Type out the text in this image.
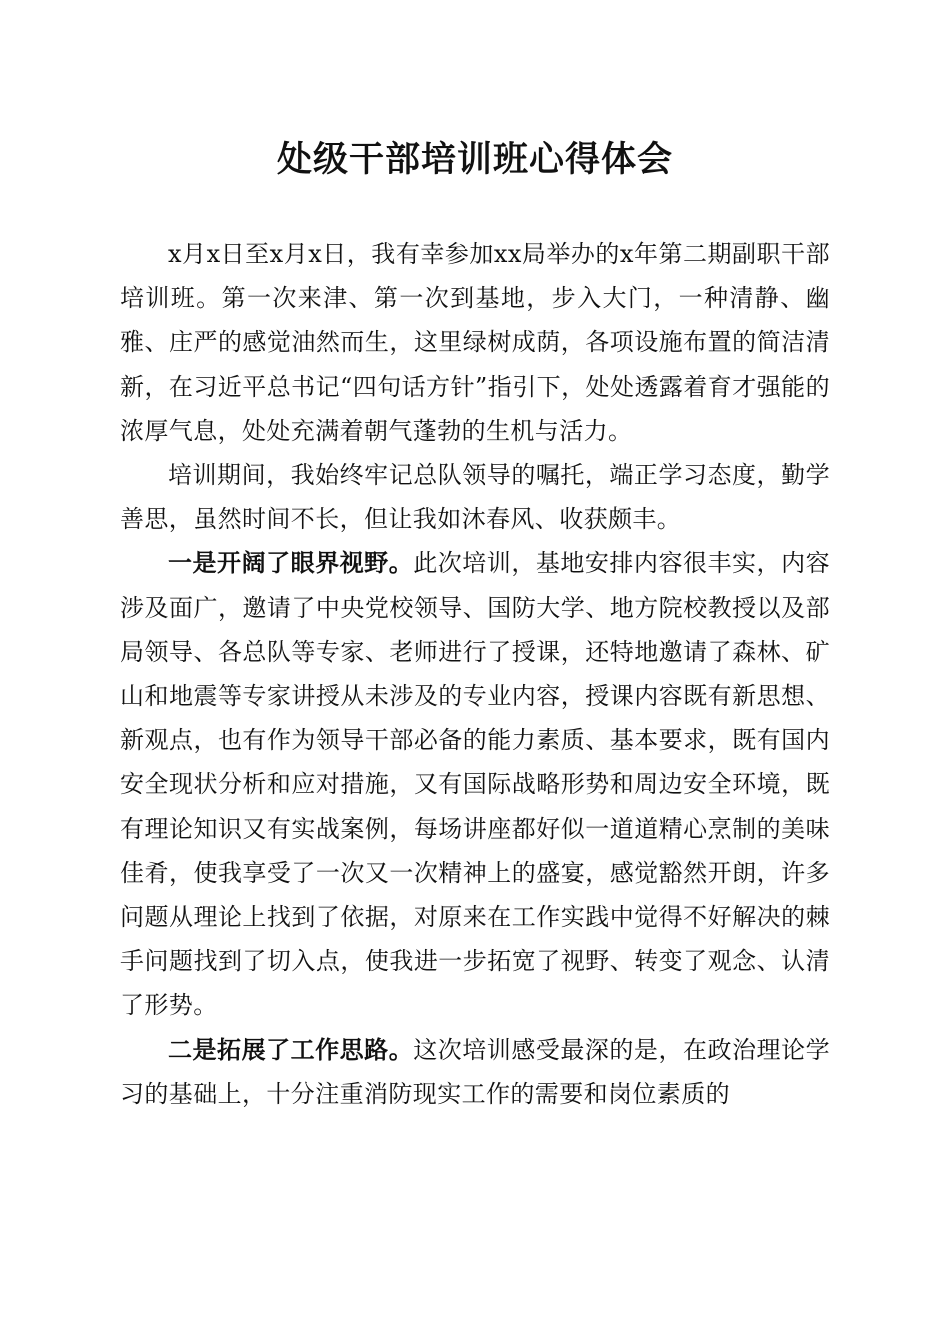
处级干部培训班心得体会

x月x日至x月x日，我有幸参加xx局举办的x年第二期副职干部培训班。第一次来津、第一次到基地，步入大门，一种清静、幽雅、庄严的感觉油然而生，这里绿树成荫，各项设施布置的简洁清新，在习近平总书记“四句话方针”指引下，处处透露着育才强能的浓厚气息，处处充满着朝气蓬勃的生机与活力。

培训期间，我始终牢记总队领导的嘱托，端正学习态度，勤学善思，虽然时间不长，但让我如沐春风、收获颇丰。

一是开阔了眼界视野。此次培训，基地安排内容很丰实，内容涉及面广，邀请了中央党校领导、国防大学、地方院校教授以及部局领导、各总队等专家、老师进行了授课，还特地邀请了森林、矿山和地震等专家讲授从未涉及的专业内容，授课内容既有新思想、新观点，也有作为领导干部必备的能力素质、基本要求，既有国内安全现状分析和应对措施，又有国际战略形势和周边安全环境，既有理论知识又有实战案例，每场讲座都好似一道道精心烹制的美味佳肴，使我享受了一次又一次精神上的盛宴，感觉豁然开朗，许多问题从理论上找到了依据，对原来在工作实践中觉得不好解决的棘手问题找到了切入点，使我进一步拓宽了视野、转变了观念、认清了形势。

二是拓展了工作思路。这次培训感受最深的是，在政治理论学习的基础上，十分注重消防现实工作的需要和岗位素质的
